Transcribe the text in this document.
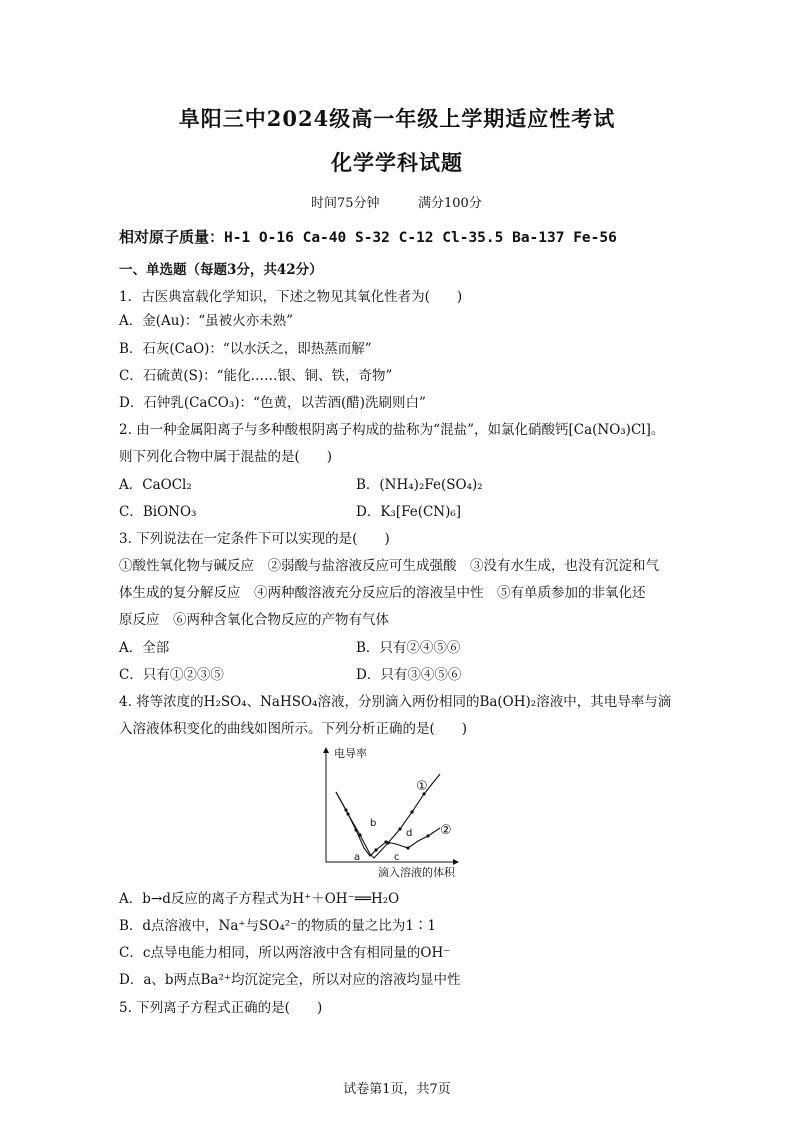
阜阳三中2024级高一年级上学期适应性考试
化学学科试题
时间75分钟	满分100分
相对原子质量：H-1 O-16 Ca-40 S-32 C-12 Cl-35.5 Ba-137 Fe-56
一、单选题（每题3分，共42分）
1．古医典富载化学知识，下述之物见其氧化性者为(　　)
A．金(Au)：“虽被火亦未熟”
B．石灰(CaO)：“以水沃之，即热蒸而解”
C．石硫黄(S)：“能化……银、铜、铁，奇物”
D．石钟乳(CaCO₃)：“色黄，以苦酒(醋)洗刷则白”
2. 由一种金属阳离子与多种酸根阴离子构成的盐称为“混盐”，如氯化硝酸钙[Ca(NO₃)Cl]。
则下列化合物中属于混盐的是(　　)
A．CaOCl₂	B．(NH₄)₂Fe(SO₄)₂
C．BiONO₃	D．K₃[Fe(CN)₆]
3. 下列说法在一定条件下可以实现的是(　　)
①酸性氧化物与碱反应　②弱酸与盐溶液反应可生成强酸　③没有水生成，也没有沉淀和气
体生成的复分解反应　④两种酸溶液充分反应后的溶液呈中性　⑤有单质参加的非氧化还
原反应　⑥两种含氧化合物反应的产物有气体
A．全部	B．只有②④⑤⑥
C．只有①②③⑤	D．只有③④⑤⑥
4. 将等浓度的H₂SO₄、NaHSO₄溶液，分别滴入两份相同的Ba(OH)₂溶液中，其电导率与滴
入溶液体积变化的曲线如图所示。下列分析正确的是(　　)
电导率
滴入溶液的体积
①
②
a
b
c
d
A．b→d反应的离子方程式为H⁺＋OH⁻══H₂O
B．d点溶液中，Na⁺与SO₄²⁻的物质的量之比为1∶1
C．c点导电能力相同，所以两溶液中含有相同量的OH⁻
D．a、b两点Ba²⁺均沉淀完全，所以对应的溶液均显中性
5. 下列离子方程式正确的是(　　)
试卷第1页，共7页
